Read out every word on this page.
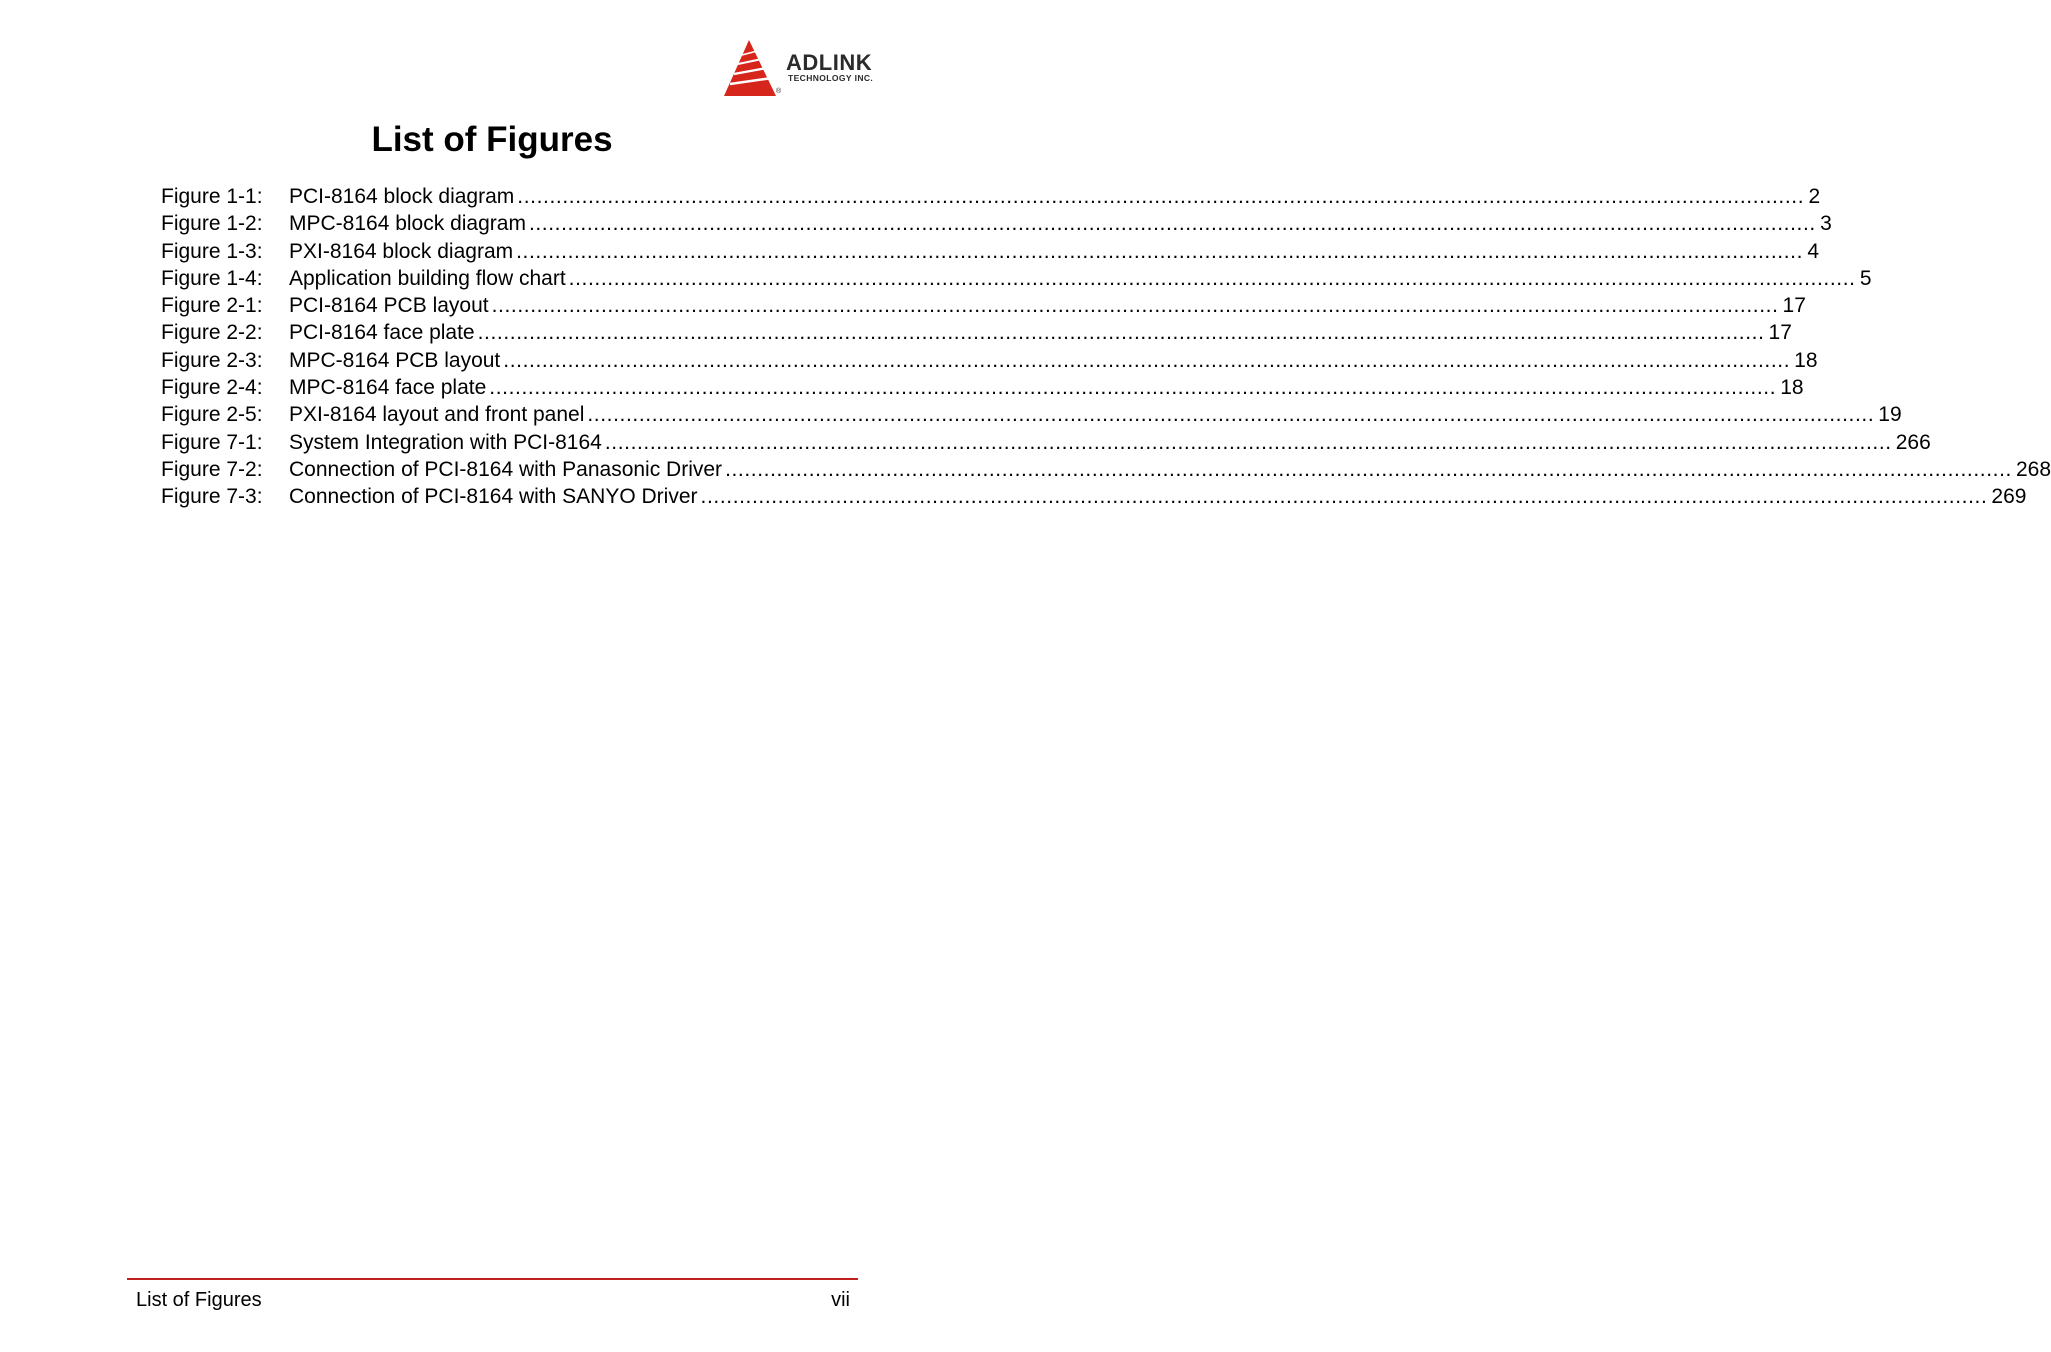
ADLINK
TECHNOLOGY INC.
®
List of Figures
Figure 1-1:	PCI-8164 block diagram ........................................................................................................................................................................................................ 2
Figure 1-2:	MPC-8164 block diagram ........................................................................................................................................................................................................ 3
Figure 1-3:	PXI-8164 block diagram ........................................................................................................................................................................................................ 4
Figure 1-4:	Application building flow chart ........................................................................................................................................................................................................ 5
Figure 2-1:	PCI-8164 PCB layout ........................................................................................................................................................................................................ 17
Figure 2-2:	PCI-8164 face plate ........................................................................................................................................................................................................ 17
Figure 2-3:	MPC-8164 PCB layout ........................................................................................................................................................................................................ 18
Figure 2-4:	MPC-8164 face plate ........................................................................................................................................................................................................ 18
Figure 2-5:	PXI-8164 layout and front panel ........................................................................................................................................................................................................ 19
Figure 7-1:	System Integration with PCI-8164 ........................................................................................................................................................................................................ 266
Figure 7-2:	Connection of PCI-8164 with Panasonic Driver ........................................................................................................................................................................................................ 268
Figure 7-3:	Connection of PCI-8164 with SANYO Driver ........................................................................................................................................................................................................ 269
List of Figures	vii
